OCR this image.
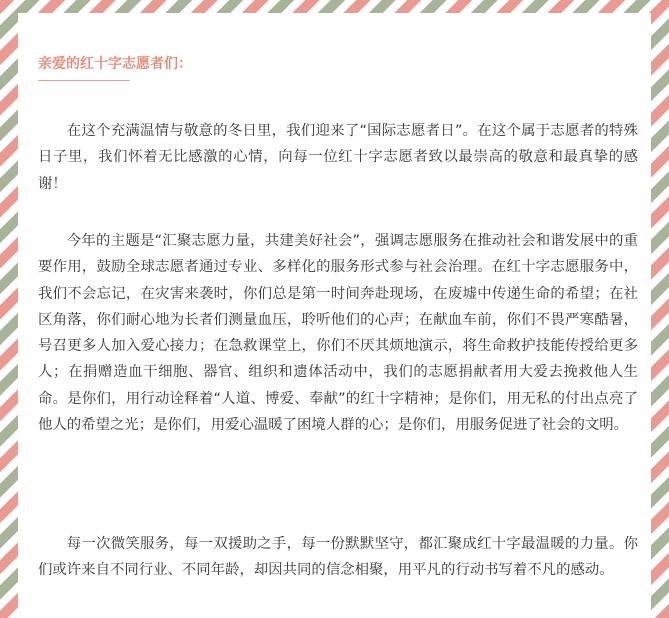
亲爱的红十字志愿者们：

在这个充满温情与敬意的冬日里，我们迎来了“国际志愿者日”。在这个属于志愿者的特殊日子里，我们怀着无比感激的心情，向每一位红十字志愿者致以最崇高的敬意和最真挚的感谢！

今年的主题是“汇聚志愿力量，共建美好社会”，强调志愿服务在推动社会和谐发展中的重要作用，鼓励全球志愿者通过专业、多样化的服务形式参与社会治理。在红十字志愿服务中，我们不会忘记，在灾害来袭时，你们总是第一时间奔赴现场，在废墟中传递生命的希望；在社区角落，你们耐心地为长者们测量血压，聆听他们的心声；在献血车前，你们不畏严寒酷暑，号召更多人加入爱心接力；在急救课堂上，你们不厌其烦地演示，将生命救护技能传授给更多人；在捐赠造血干细胞、器官、组织和遗体活动中，我们的志愿捐献者用大爱去挽救他人生命。是你们，用行动诠释着“人道、博爱、奉献”的红十字精神；是你们，用无私的付出点亮了他人的希望之光；是你们，用爱心温暖了困境人群的心；是你们，用服务促进了社会的文明。

每一次微笑服务，每一双援助之手，每一份默默坚守，都汇聚成红十字最温暖的力量。你们或许来自不同行业、不同年龄，却因共同的信念相聚，用平凡的行动书写着不凡的感动。
